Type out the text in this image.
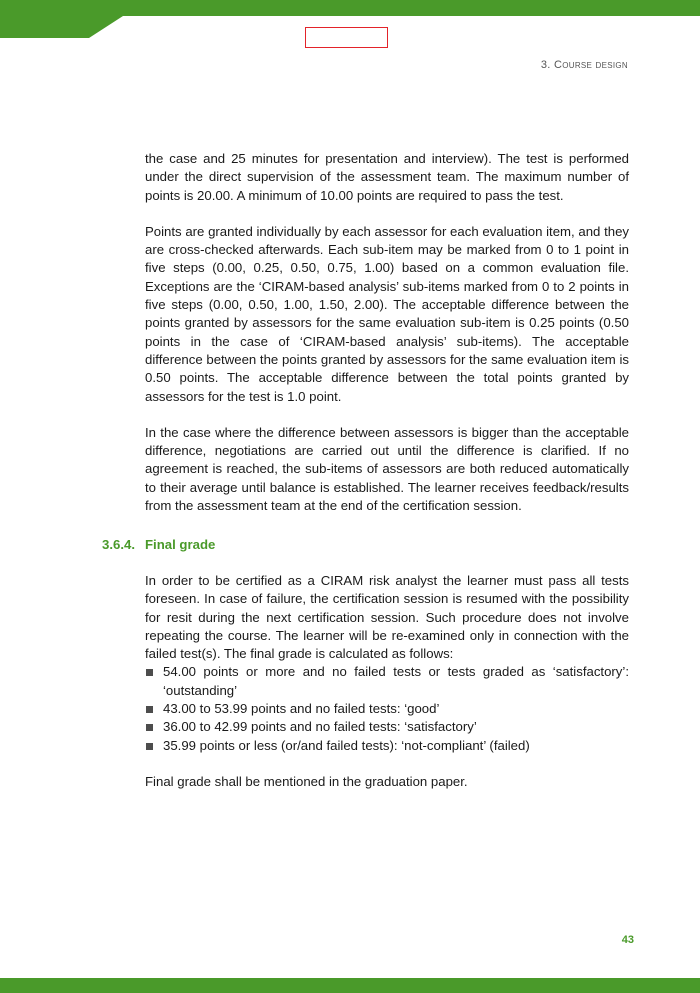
3. Course design

the case and 25 minutes for presentation and interview). The test is performed under the direct supervision of the assessment team. The maximum number of points is 20.00. A minimum of 10.00 points are required to pass the test.

Points are granted individually by each assessor for each evaluation item, and they are cross-checked afterwards. Each sub-item may be marked from 0 to 1 point in five steps (0.00, 0.25, 0.50, 0.75, 1.00) based on a common evaluation file. Exceptions are the ‘CIRAM-based analysis’ sub-items marked from 0 to 2 points in five steps (0.00, 0.50, 1.00, 1.50, 2.00). The acceptable difference between the points granted by assessors for the same evaluation sub-item is 0.25 points (0.50 points in the case of ‘CIRAM-based analysis’ sub-items). The acceptable difference between the points granted by assessors for the same evaluation item is 0.50 points. The acceptable difference between the total points granted by assessors for the test is 1.0 point.

In the case where the difference between assessors is bigger than the acceptable difference, negotiations are carried out until the difference is clarified. If no agreement is reached, the sub-items of assessors are both reduced automatically to their average until balance is established. The learner receives feedback/results from the assessment team at the end of the certification session.

3.6.4. Final grade

In order to be certified as a CIRAM risk analyst the learner must pass all tests foreseen. In case of failure, the certification session is resumed with the possibility for resit during the next certification session. Such procedure does not involve repeating the course. The learner will be re-examined only in connection with the failed test(s). The final grade is calculated as follows:

54.00 points or more and no failed tests or tests graded as ‘satisfactory’: ‘outstanding’
43.00 to 53.99 points and no failed tests: ‘good’
36.00 to 42.99 points and no failed tests: ‘satisfactory’
35.99 points or less (or/and failed tests): ‘not-compliant’ (failed)

Final grade shall be mentioned in the graduation paper.

43
